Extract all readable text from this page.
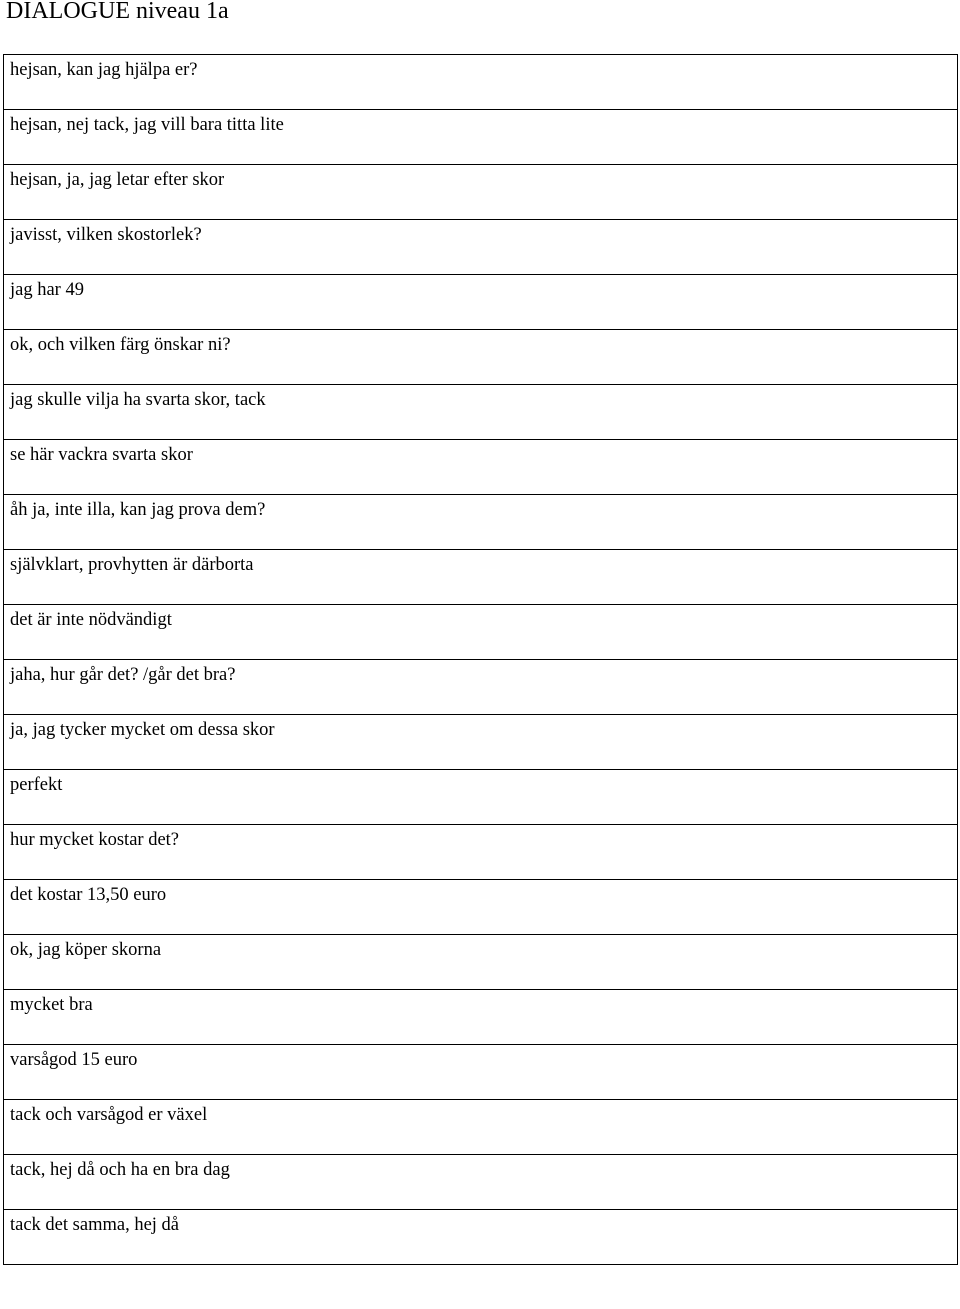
DIALOGUE niveau 1a
hejsan, kan jag hjälpa er?

hejsan, nej tack, jag vill bara titta lite

hejsan, ja, jag letar efter skor

javisst, vilken skostorlek?

jag har 49

ok, och vilken färg önskar ni?

jag skulle vilja ha svarta skor, tack

se här vackra svarta skor

åh ja, inte illa, kan jag prova dem?

självklart, provhytten är därborta

det är inte nödvändigt

jaha, hur går det? /går det bra?

ja, jag tycker mycket om dessa skor

perfekt

hur mycket kostar det?

det kostar 13,50 euro

ok, jag köper skorna

mycket bra

varsågod 15 euro

tack och varsågod er växel

tack, hej då och ha en bra dag

tack det samma, hej då
